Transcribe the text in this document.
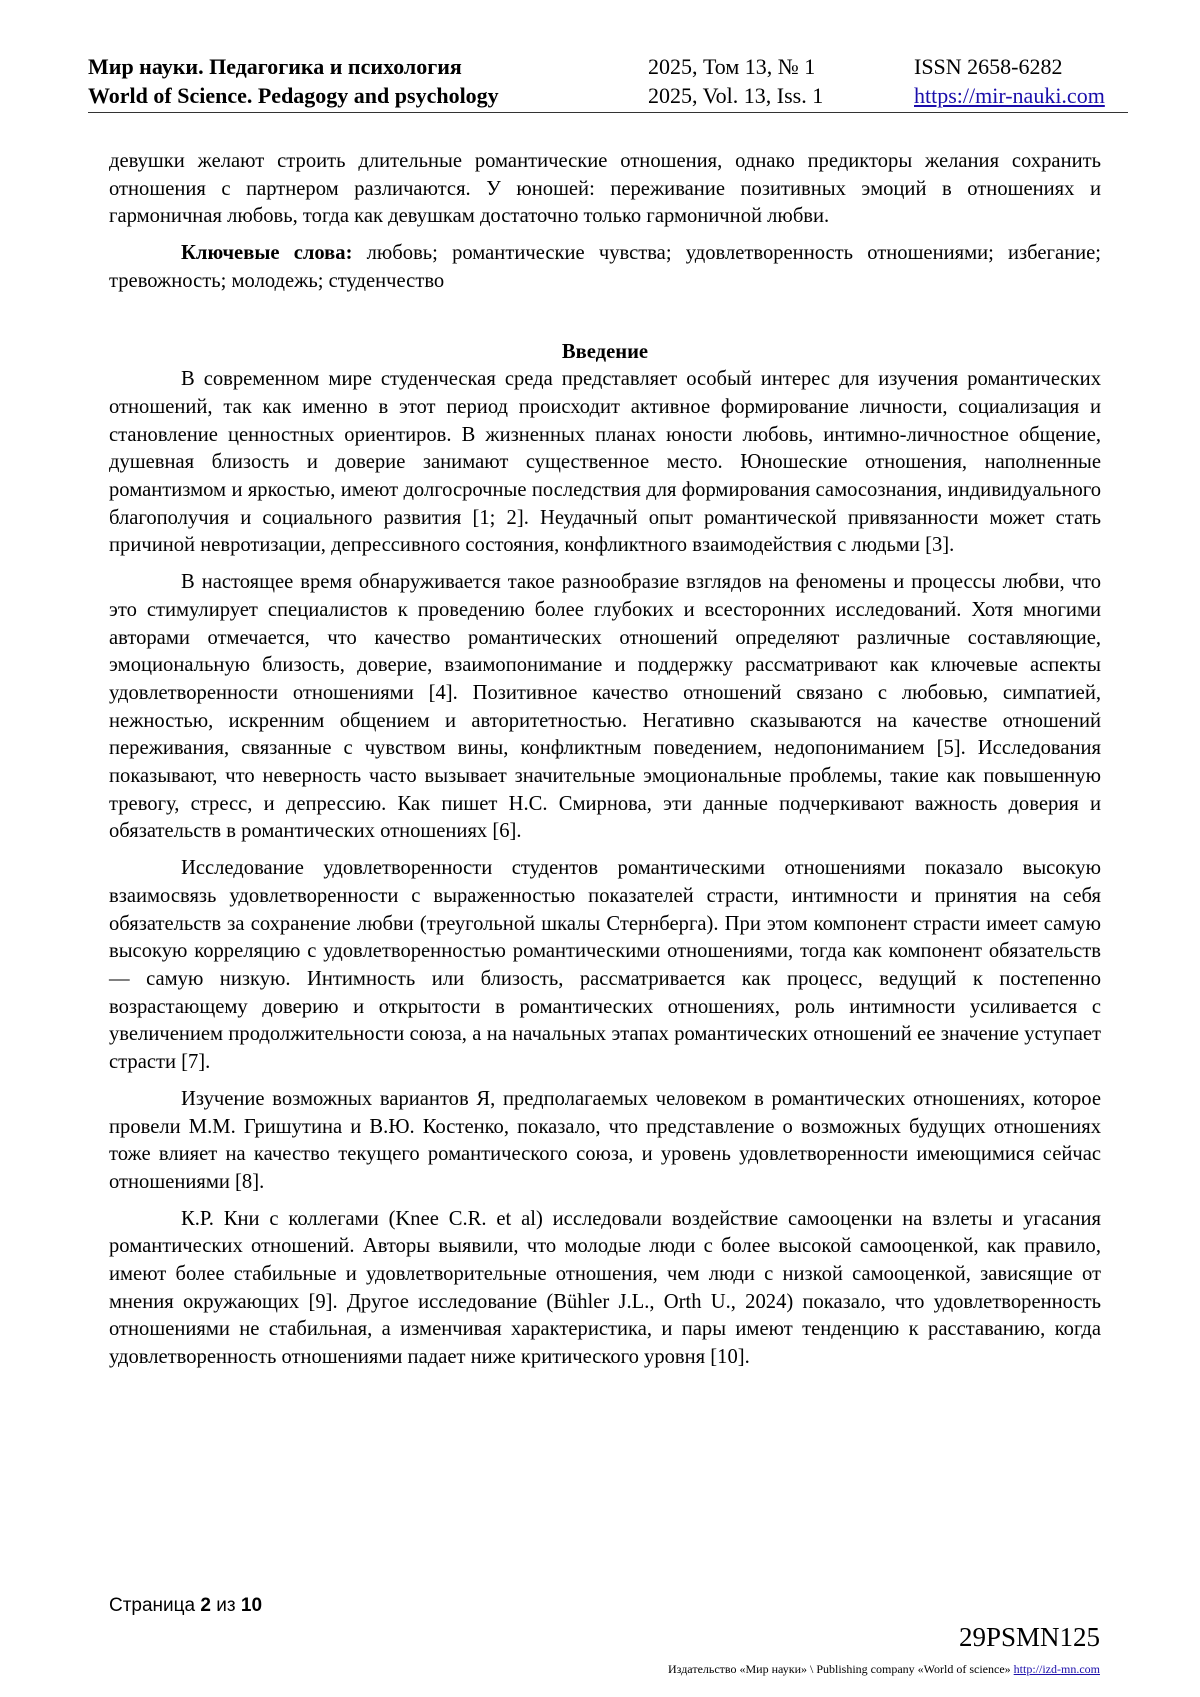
Мир науки. Педагогика и психология
World of Science. Pedagogy and psychology
2025, Том 13, № 1
2025, Vol. 13, Iss. 1
ISSN 2658-6282
https://mir-nauki.com

девушки желают строить длительные романтические отношения, однако предикторы желания сохранить отношения с партнером различаются. У юношей: переживание позитивных эмоций в отношениях и гармоничная любовь, тогда как девушкам достаточно только гармоничной любви.

Ключевые слова: любовь; романтические чувства; удовлетворенность отношениями; избегание; тревожность; молодежь; студенчество

Введение

В современном мире студенческая среда представляет особый интерес для изучения романтических отношений, так как именно в этот период происходит активное формирование личности, социализация и становление ценностных ориентиров. В жизненных планах юности любовь, интимно-личностное общение, душевная близость и доверие занимают существенное место. Юношеские отношения, наполненные романтизмом и яркостью, имеют долгосрочные последствия для формирования самосознания, индивидуального благополучия и социального развития [1; 2]. Неудачный опыт романтической привязанности может стать причиной невротизации, депрессивного состояния, конфликтного взаимодействия с людьми [3].

В настоящее время обнаруживается такое разнообразие взглядов на феномены и процессы любви, что это стимулирует специалистов к проведению более глубоких и всесторонних исследований. Хотя многими авторами отмечается, что качество романтических отношений определяют различные составляющие, эмоциональную близость, доверие, взаимопонимание и поддержку рассматривают как ключевые аспекты удовлетворенности отношениями [4]. Позитивное качество отношений связано с любовью, симпатией, нежностью, искренним общением и авторитетностью. Негативно сказываются на качестве отношений переживания, связанные с чувством вины, конфликтным поведением, недопониманием [5]. Исследования показывают, что неверность часто вызывает значительные эмоциональные проблемы, такие как повышенную тревогу, стресс, и депрессию. Как пишет Н.С. Смирнова, эти данные подчеркивают важность доверия и обязательств в романтических отношениях [6].

Исследование удовлетворенности студентов романтическими отношениями показало высокую взаимосвязь удовлетворенности с выраженностью показателей страсти, интимности и принятия на себя обязательств за сохранение любви (треугольной шкалы Стернберга). При этом компонент страсти имеет самую высокую корреляцию с удовлетворенностью романтическими отношениями, тогда как компонент обязательств — самую низкую. Интимность или близость, рассматривается как процесс, ведущий к постепенно возрастающему доверию и открытости в романтических отношениях, роль интимности усиливается с увеличением продолжительности союза, а на начальных этапах романтических отношений ее значение уступает страсти [7].

Изучение возможных вариантов Я, предполагаемых человеком в романтических отношениях, которое провели М.М. Гришутина и В.Ю. Костенко, показало, что представление о возможных будущих отношениях тоже влияет на качество текущего романтического союза, и уровень удовлетворенности имеющимися сейчас отношениями [8].

К.Р. Кни с коллегами (Knee C.R. et al) исследовали воздействие самооценки на взлеты и угасания романтических отношений. Авторы выявили, что молодые люди с более высокой самооценкой, как правило, имеют более стабильные и удовлетворительные отношения, чем люди с низкой самооценкой, зависящие от мнения окружающих [9]. Другое исследование (Bühler J.L., Orth U., 2024) показало, что удовлетворенность отношениями не стабильная, а изменчивая характеристика, и пары имеют тенденцию к расставанию, когда удовлетворенность отношениями падает ниже критического уровня [10].

Страница 2 из 10
29PSMN125
Издательство «Мир науки» \ Publishing company «World of science» http://izd-mn.com
